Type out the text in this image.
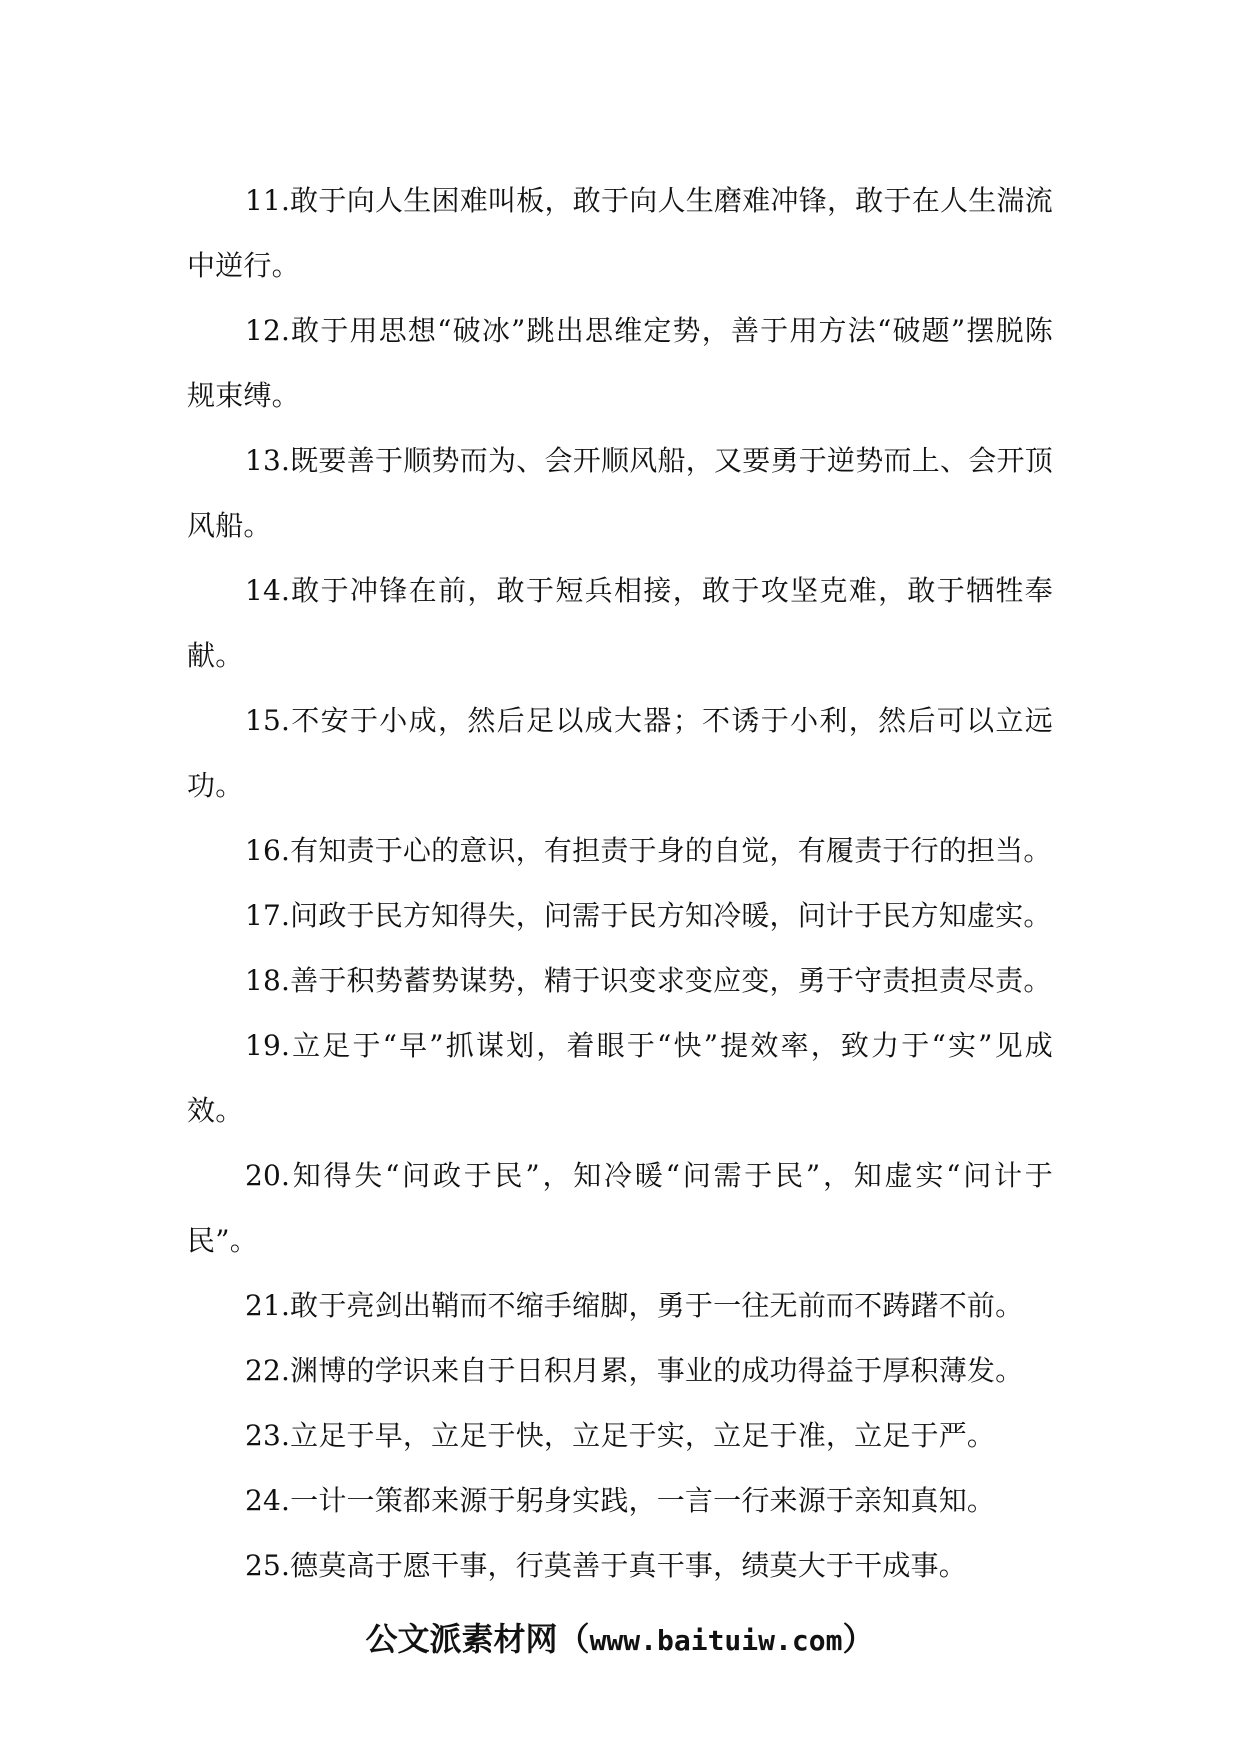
11.敢于向人生困难叫板，敢于向人生磨难冲锋，敢于在人生湍流中逆行。

12.敢于用思想“破冰”跳出思维定势，善于用方法“破题”摆脱陈规束缚。

13.既要善于顺势而为、会开顺风船，又要勇于逆势而上、会开顶风船。

14.敢于冲锋在前，敢于短兵相接，敢于攻坚克难，敢于牺牲奉献。

15.不安于小成，然后足以成大器；不诱于小利，然后可以立远功。

16.有知责于心的意识，有担责于身的自觉，有履责于行的担当。

17.问政于民方知得失，问需于民方知冷暖，问计于民方知虚实。

18.善于积势蓄势谋势，精于识变求变应变，勇于守责担责尽责。

19.立足于“早”抓谋划，着眼于“快”提效率，致力于“实”见成效。

20.知得失“问政于民”，知冷暖“问需于民”，知虚实“问计于民”。

21.敢于亮剑出鞘而不缩手缩脚，勇于一往无前而不踌躇不前。

22.渊博的学识来自于日积月累，事业的成功得益于厚积薄发。

23.立足于早，立足于快，立足于实，立足于准，立足于严。

24.一计一策都来源于躬身实践，一言一行来源于亲知真知。

25.德莫高于愿干事，行莫善于真干事，绩莫大于干成事。

公文派素材网（www.baituiw.com）
